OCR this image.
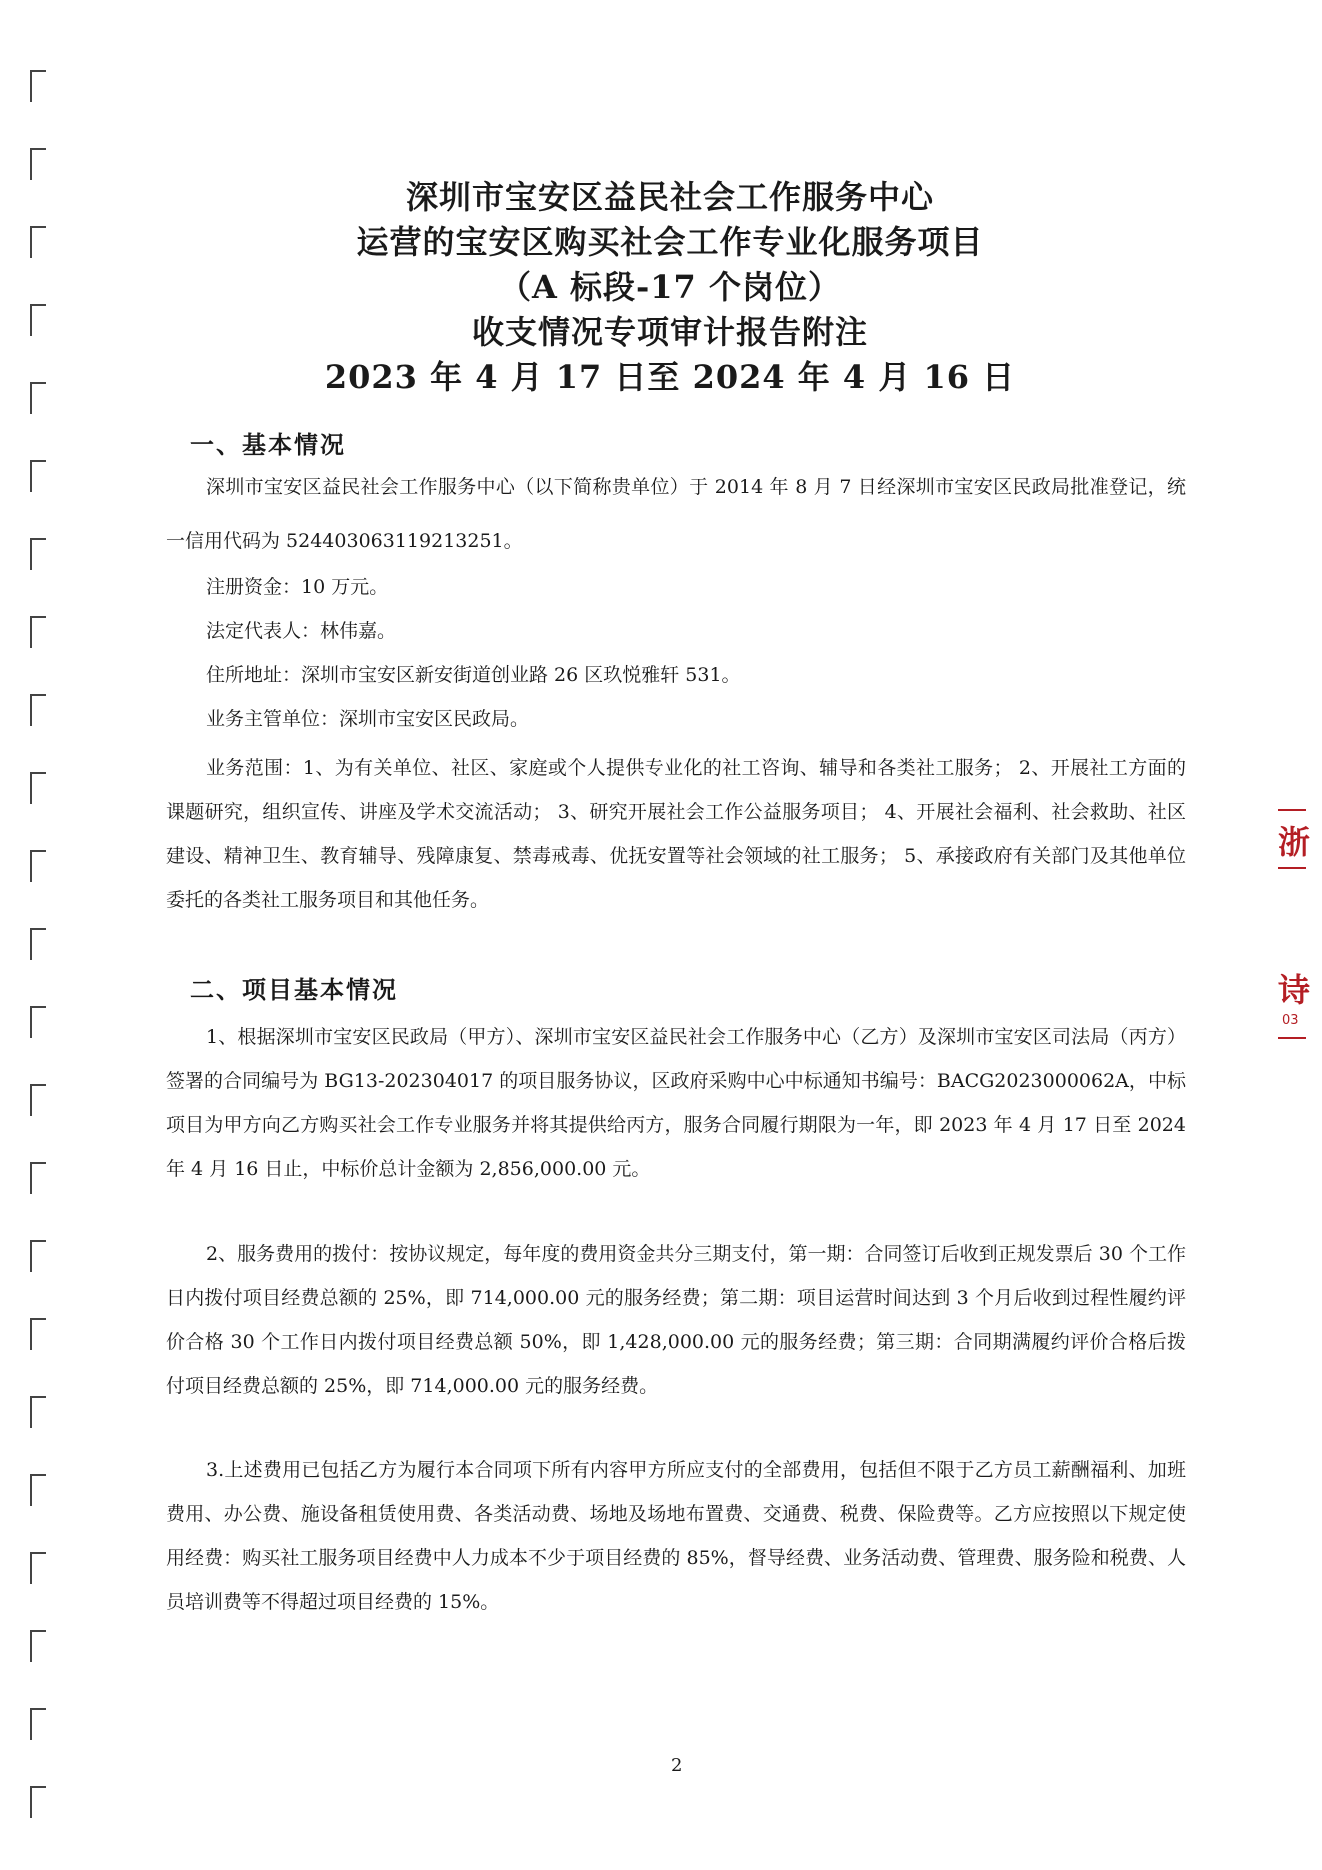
深圳市宝安区益民社会工作服务中心
运营的宝安区购买社会工作专业化服务项目
（A 标段-17 个岗位）
收支情况专项审计报告附注
2023 年 4 月 17 日至 2024 年 4 月 16 日
一、基本情况
深圳市宝安区益民社会工作服务中心（以下简称贵单位）于 2014 年 8 月 7 日经深圳市宝安区民政局批准登记，统一信用代码为 524403063119213251。
注册资金：10 万元。
法定代表人：林伟嘉。
住所地址：深圳市宝安区新安街道创业路 26 区玖悦雅轩 531。
业务主管单位：深圳市宝安区民政局。
业务范围：1、为有关单位、社区、家庭或个人提供专业化的社工咨询、辅导和各类社工服务； 2、开展社工方面的课题研究，组织宣传、讲座及学术交流活动； 3、研究开展社会工作公益服务项目； 4、开展社会福利、社会救助、社区建设、精神卫生、教育辅导、残障康复、禁毒戒毒、优抚安置等社会领域的社工服务； 5、承接政府有关部门及其他单位委托的各类社工服务项目和其他任务。
二、项目基本情况
1、根据深圳市宝安区民政局（甲方）、深圳市宝安区益民社会工作服务中心（乙方）及深圳市宝安区司法局（丙方）签署的合同编号为 BG13-202304017 的项目服务协议，区政府采购中心中标通知书编号：BACG2023000062A，中标项目为甲方向乙方购买社会工作专业服务并将其提供给丙方，服务合同履行期限为一年，即 2023 年 4 月 17 日至 2024 年 4 月 16 日止，中标价总计金额为 2,856,000.00 元。
2、服务费用的拨付：按协议规定，每年度的费用资金共分三期支付，第一期：合同签订后收到正规发票后 30 个工作日内拨付项目经费总额的 25%，即 714,000.00 元的服务经费；第二期：项目运营时间达到 3 个月后收到过程性履约评价合格 30 个工作日内拨付项目经费总额 50%，即 1,428,000.00 元的服务经费；第三期：合同期满履约评价合格后拨付项目经费总额的 25%，即 714,000.00 元的服务经费。
3.上述费用已包括乙方为履行本合同项下所有内容甲方所应支付的全部费用，包括但不限于乙方员工薪酬福利、加班费用、办公费、施设备租赁使用费、各类活动费、场地及场地布置费、交通费、税费、保险费等。乙方应按照以下规定使用经费：购买社工服务项目经费中人力成本不少于项目经费的 85%，督导经费、业务活动费、管理费、服务险和税费、人员培训费等不得超过项目经费的 15%。
浙
诗
03
2
